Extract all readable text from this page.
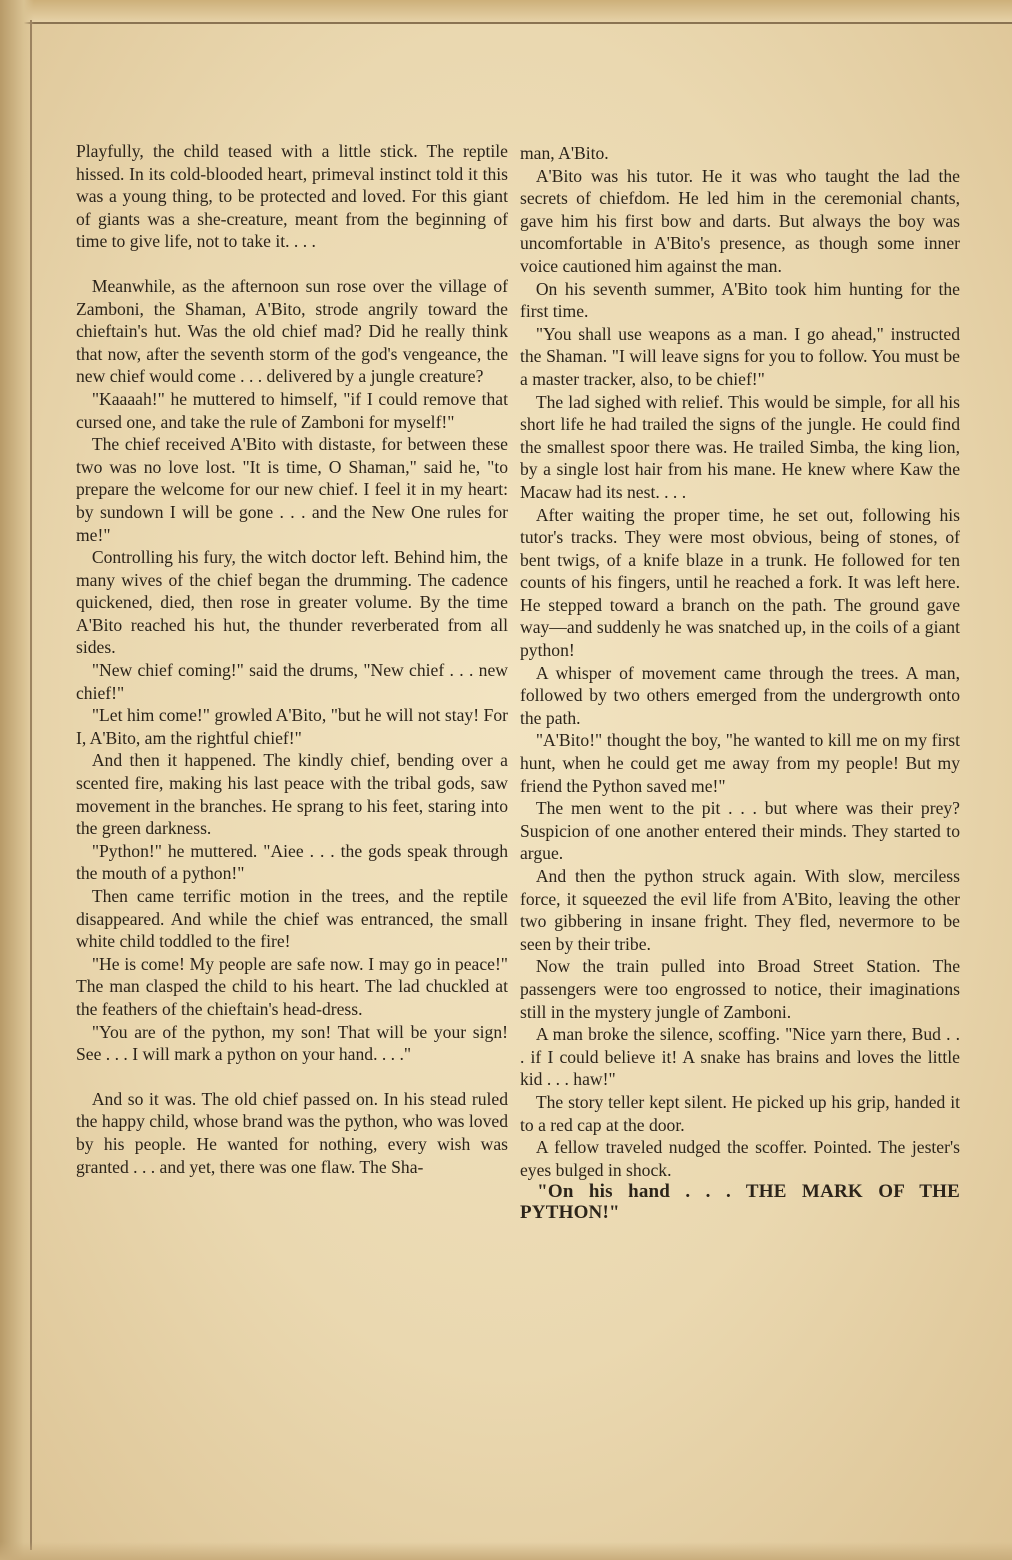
Playfully, the child teased with a little stick. The reptile hissed. In its cold-blooded heart, primeval instinct told it this was a young thing, to be protected and loved. For this giant of giants was a she-creature, meant from the beginning of time to give life, not to take it. . . .

Meanwhile, as the afternoon sun rose over the village of Zamboni, the Shaman, A'Bito, strode angrily toward the chieftain's hut. Was the old chief mad? Did he really think that now, after the seventh storm of the god's vengeance, the new chief would come . . . delivered by a jungle creature?

"Kaaaah!" he muttered to himself, "if I could remove that cursed one, and take the rule of Zamboni for myself!"

The chief received A'Bito with distaste, for between these two was no love lost. "It is time, O Shaman," said he, "to prepare the welcome for our new chief. I feel it in my heart: by sundown I will be gone . . . and the New One rules for me!"

Controlling his fury, the witch doctor left. Behind him, the many wives of the chief began the drumming. The cadence quickened, died, then rose in greater volume. By the time A'Bito reached his hut, the thunder reverberated from all sides.

"New chief coming!" said the drums, "New chief . . . new chief!"

"Let him come!" growled A'Bito, "but he will not stay! For I, A'Bito, am the rightful chief!"

And then it happened. The kindly chief, bending over a scented fire, making his last peace with the tribal gods, saw movement in the branches. He sprang to his feet, staring into the green darkness.

"Python!" he muttered. "Aiee . . . the gods speak through the mouth of a python!"

Then came terrific motion in the trees, and the reptile disappeared. And while the chief was entranced, the small white child toddled to the fire!

"He is come! My people are safe now. I may go in peace!" The man clasped the child to his heart. The lad chuckled at the feathers of the chieftain's head-dress.

"You are of the python, my son! That will be your sign! See . . . I will mark a python on your hand. . . ."

And so it was. The old chief passed on. In his stead ruled the happy child, whose brand was the python, who was loved by his people. He wanted for nothing, every wish was granted . . . and yet, there was one flaw. The Sha-

man, A'Bito.

A'Bito was his tutor. He it was who taught the lad the secrets of chiefdom. He led him in the ceremonial chants, gave him his first bow and darts. But always the boy was uncomfortable in A'Bito's presence, as though some inner voice cautioned him against the man.

On his seventh summer, A'Bito took him hunting for the first time.

"You shall use weapons as a man. I go ahead," instructed the Shaman. "I will leave signs for you to follow. You must be a master tracker, also, to be chief!"

The lad sighed with relief. This would be simple, for all his short life he had trailed the signs of the jungle. He could find the smallest spoor there was. He trailed Simba, the king lion, by a single lost hair from his mane. He knew where Kaw the Macaw had its nest. . . .

After waiting the proper time, he set out, following his tutor's tracks. They were most obvious, being of stones, of bent twigs, of a knife blaze in a trunk. He followed for ten counts of his fingers, until he reached a fork. It was left here. He stepped toward a branch on the path. The ground gave way—and suddenly he was snatched up, in the coils of a giant python!

A whisper of movement came through the trees. A man, followed by two others emerged from the undergrowth onto the path.

"A'Bito!" thought the boy, "he wanted to kill me on my first hunt, when he could get me away from my people! But my friend the Python saved me!"

The men went to the pit . . . but where was their prey? Suspicion of one another entered their minds. They started to argue.

And then the python struck again. With slow, merciless force, it squeezed the evil life from A'Bito, leaving the other two gibbering in insane fright. They fled, nevermore to be seen by their tribe.

Now the train pulled into Broad Street Station. The passengers were too engrossed to notice, their imaginations still in the mystery jungle of Zamboni.

A man broke the silence, scoffing. "Nice yarn there, Bud . . . if I could believe it! A snake has brains and loves the little kid . . . haw!"

The story teller kept silent. He picked up his grip, handed it to a red cap at the door.

A fellow traveled nudged the scoffer. Pointed. The jester's eyes bulged in shock.

"On his hand . . . THE MARK OF THE PYTHON!"
